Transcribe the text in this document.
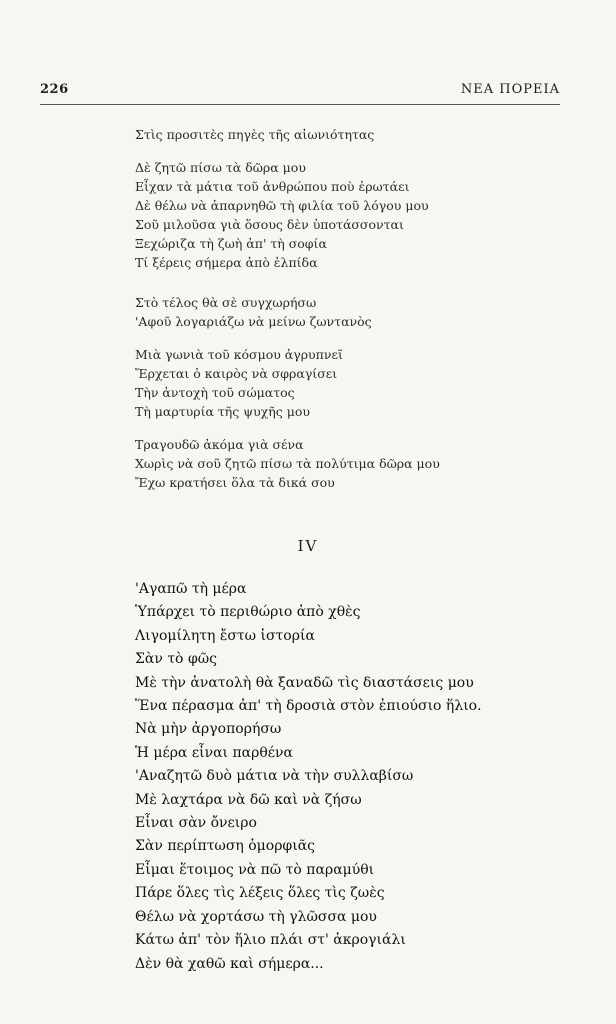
226	ΝΕΑ ΠΟΡΕΙΑ
Στὶς προσιτὲς πηγὲς τῆς αἰωνιότητας
Δὲ ζητῶ πίσω τὰ δῶρα μου
Εἶχαν τὰ μάτια τοῦ ἀνθρώπου ποὺ ἐρωτάει
Δὲ θέλω νὰ ἀπαρνηθῶ τὴ φιλία τοῦ λόγου μου
Σοῦ μιλοῦσα γιὰ ὅσους δὲν ὑποτάσσονται
Ξεχώριζα τὴ ζωὴ ἀπ' τὴ σοφία
Τί ξέρεις σήμερα ἀπὸ ἐλπίδα
Στὸ τέλος θὰ σὲ συγχωρήσω
'Αφοῦ λογαριάζω νὰ μείνω ζωντανὸς
Μιὰ γωνιὰ τοῦ κόσμου ἀγρυπνεῖ
Ἔρχεται ὁ καιρὸς νὰ σφραγίσει
Τὴν ἀντοχὴ τοῦ σώματος
Τὴ μαρτυρία τῆς ψυχῆς μου
Τραγουδῶ ἀκόμα γιὰ σένα
Χωρὶς νὰ σοῦ ζητῶ πίσω τὰ πολύτιμα δῶρα μου
Ἔχω κρατήσει ὅλα τὰ δικά σου
IV
'Αγαπῶ τὴ μέρα
Ὑπάρχει τὸ περιθώριο ἀπὸ χθὲς
Λιγομίλητη ἔστω ἱστορία
Σὰν τὸ φῶς
Μὲ τὴν ἀνατολὴ θὰ ξαναδῶ τὶς διαστάσεις μου
Ἕνα πέρασμα ἀπ' τὴ δροσιὰ στὸν ἐπιούσιο ἥλιο.
Νὰ μὴν ἀργοπορήσω
Ἡ μέρα εἶναι παρθένα
'Αναζητῶ δυὸ μάτια νὰ τὴν συλλαβίσω
Μὲ λαχτάρα νὰ δῶ καὶ νὰ ζήσω
Εἶναι σὰν ὄνειρο
Σὰν περίπτωση ὁμορφιᾶς
Εἶμαι ἕτοιμος νὰ πῶ τὸ παραμύθι
Πάρε ὅλες τὶς λέξεις ὅλες τὶς ζωὲς
Θέλω νὰ χορτάσω τὴ γλῶσσα μου
Κάτω ἀπ' τὸν ἥλιο πλάι στ' ἀκρογιάλι
Δὲν θὰ χαθῶ καὶ σήμερα...
